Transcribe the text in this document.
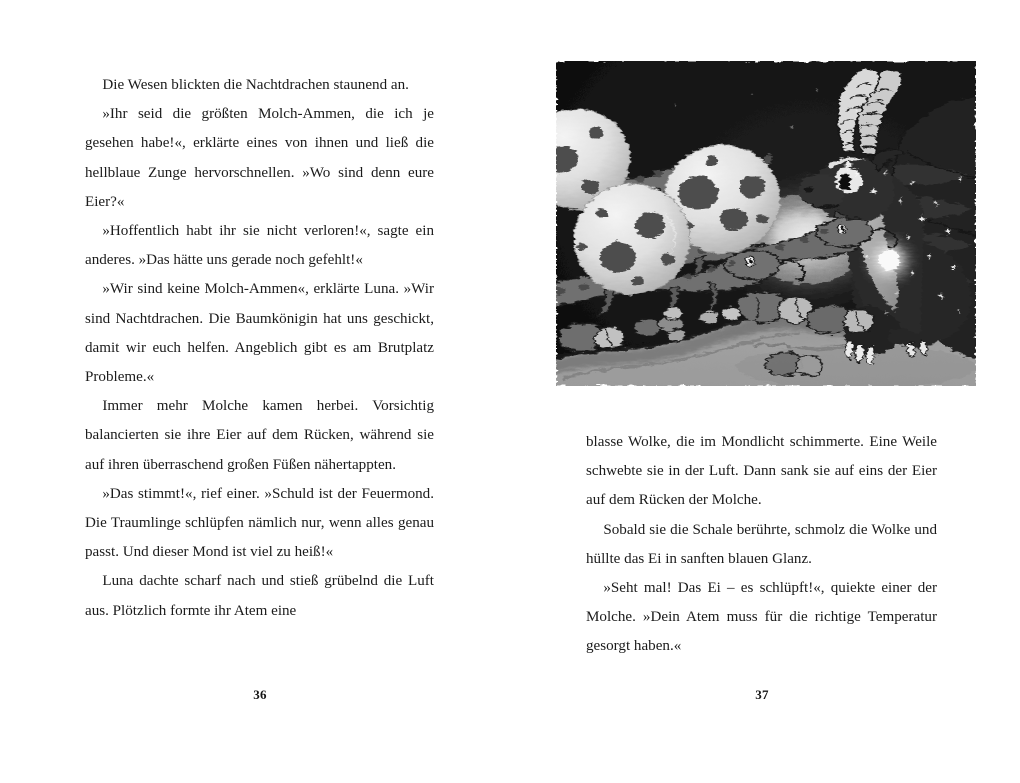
Die Wesen blickten die Nachtdrachen staunend an.

»Ihr seid die größten Molch-Ammen, die ich je gesehen habe!«, erklärte eines von ihnen und ließ die hellblaue Zunge hervorschnellen. »Wo sind denn eure Eier?«

»Hoffentlich habt ihr sie nicht verloren!«, sagte ein anderes. »Das hätte uns gerade noch gefehlt!«

»Wir sind keine Molch-Ammen«, erklärte Luna. »Wir sind Nachtdrachen. Die Baumkönigin hat uns geschickt, damit wir euch helfen. Angeblich gibt es am Brutplatz Probleme.«

Immer mehr Molche kamen herbei. Vorsichtig balancierten sie ihre Eier auf dem Rücken, während sie auf ihren überraschend großen Füßen nähertappten.

»Das stimmt!«, rief einer. »Schuld ist der Feuermond. Die Traumlinge schlüpfen nämlich nur, wenn alles genau passt. Und dieser Mond ist viel zu heiß!«

Luna dachte scharf nach und stieß grübelnd die Luft aus. Plötzlich formte ihr Atem eine

36	37

blasse Wolke, die im Mondlicht schimmerte. Eine Weile schwebte sie in der Luft. Dann sank sie auf eins der Eier auf dem Rücken der Molche.

Sobald sie die Schale berührte, schmolz die Wolke und hüllte das Ei in sanften blauen Glanz.

»Seht mal! Das Ei – es schlüpft!«, quiekte einer der Molche. »Dein Atem muss für die richtige Temperatur gesorgt haben.«
